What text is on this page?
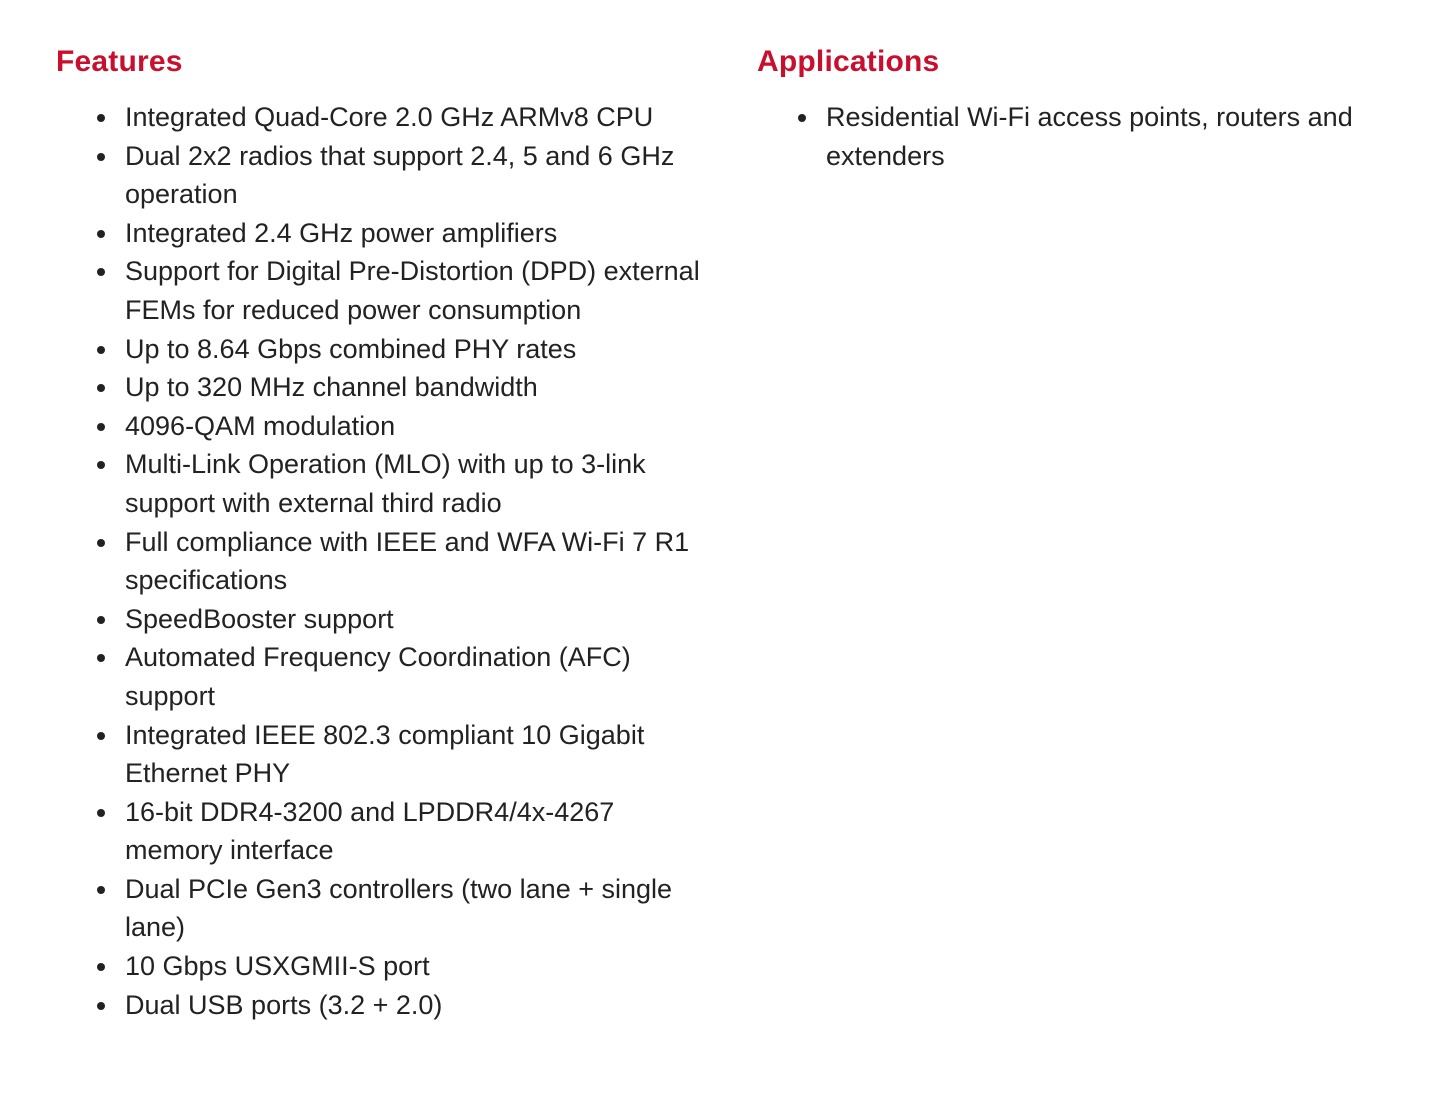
Features
Integrated Quad-Core 2.0 GHz ARMv8 CPU
Dual 2x2 radios that support 2.4, 5 and 6 GHz operation
Integrated 2.4 GHz power amplifiers
Support for Digital Pre-Distortion (DPD) external FEMs for reduced power consumption
Up to 8.64 Gbps combined PHY rates
Up to 320 MHz channel bandwidth
4096-QAM modulation
Multi-Link Operation (MLO) with up to 3-link support with external third radio
Full compliance with IEEE and WFA Wi-Fi 7 R1 specifications
SpeedBooster support
Automated Frequency Coordination (AFC) support
Integrated IEEE 802.3 compliant 10 Gigabit Ethernet PHY
16-bit DDR4-3200 and LPDDR4/4x-4267 memory interface
Dual PCIe Gen3 controllers (two lane + single lane)
10 Gbps USXGMII-S port
Dual USB ports (3.2 + 2.0)
Applications
Residential Wi-Fi access points, routers and extenders
